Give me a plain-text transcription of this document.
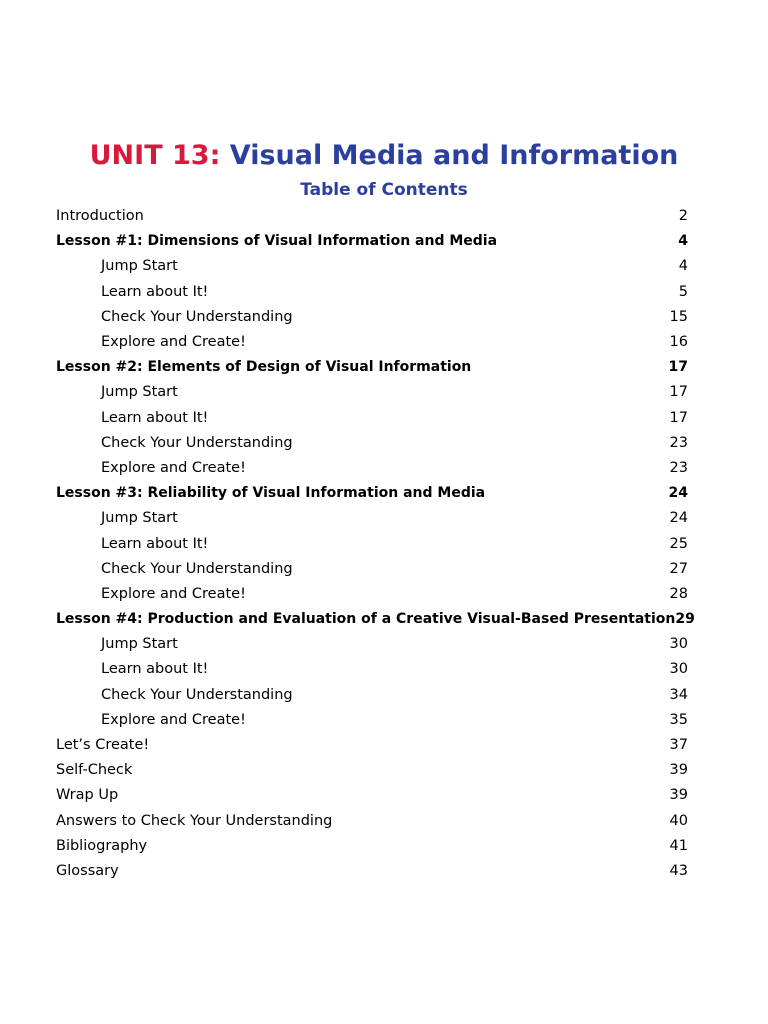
UNIT 13: Visual Media and Information
Table of Contents
Introduction	2
Lesson #1: Dimensions of Visual Information and Media	4
Jump Start	4
Learn about It!	5
Check Your Understanding	15
Explore and Create!	16
Lesson #2: Elements of Design of Visual Information	17
Jump Start	17
Learn about It!	17
Check Your Understanding	23
Explore and Create!	23
Lesson #3: Reliability of Visual Information and Media	24
Jump Start	24
Learn about It!	25
Check Your Understanding	27
Explore and Create!	28
Lesson #4: Production and Evaluation of a Creative Visual-Based Presentation 29
Jump Start	30
Learn about It!	30
Check Your Understanding	34
Explore and Create!	35
Let’s Create!	37
Self-Check	39
Wrap Up	39
Answers to Check Your Understanding	40
Bibliography	41
Glossary	43
